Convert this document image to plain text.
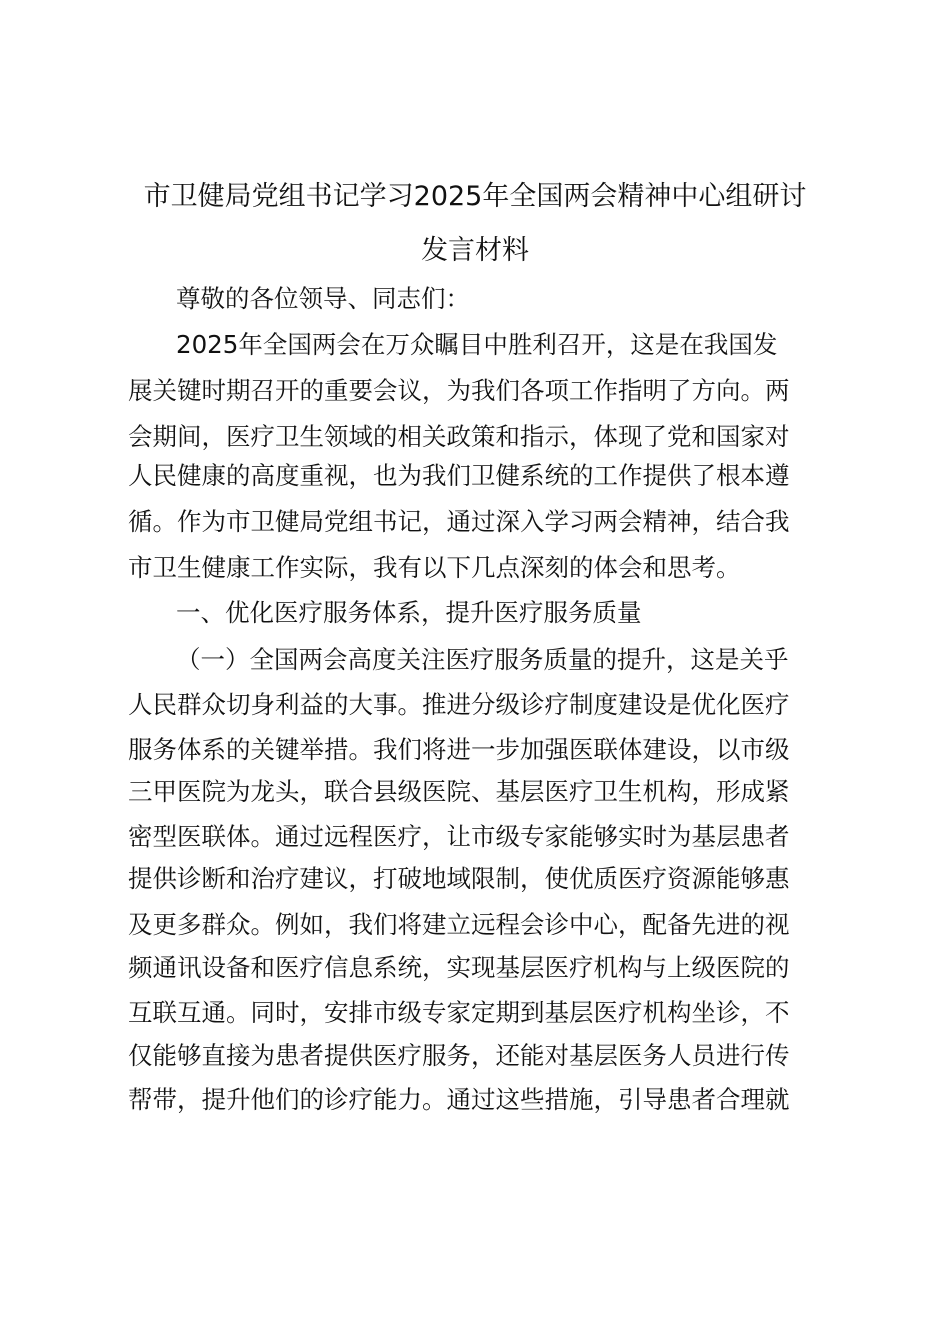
市卫健局党组书记学习2025年全国两会精神中心组研讨
发言材料
尊敬的各位领导、同志们：
2025年全国两会在万众瞩目中胜利召开，这是在我国发
展关键时期召开的重要会议，为我们各项工作指明了方向。两
会期间，医疗卫生领域的相关政策和指示，体现了党和国家对
人民健康的高度重视，也为我们卫健系统的工作提供了根本遵
循。作为市卫健局党组书记，通过深入学习两会精神，结合我
市卫生健康工作实际，我有以下几点深刻的体会和思考。
一、优化医疗服务体系，提升医疗服务质量
（一）全国两会高度关注医疗服务质量的提升，这是关乎
人民群众切身利益的大事。推进分级诊疗制度建设是优化医疗
服务体系的关键举措。我们将进一步加强医联体建设，以市级
三甲医院为龙头，联合县级医院、基层医疗卫生机构，形成紧
密型医联体。通过远程医疗，让市级专家能够实时为基层患者
提供诊断和治疗建议，打破地域限制，使优质医疗资源能够惠
及更多群众。例如，我们将建立远程会诊中心，配备先进的视
频通讯设备和医疗信息系统，实现基层医疗机构与上级医院的
互联互通。同时，安排市级专家定期到基层医疗机构坐诊，不
仅能够直接为患者提供医疗服务，还能对基层医务人员进行传
帮带，提升他们的诊疗能力。通过这些措施，引导患者合理就
